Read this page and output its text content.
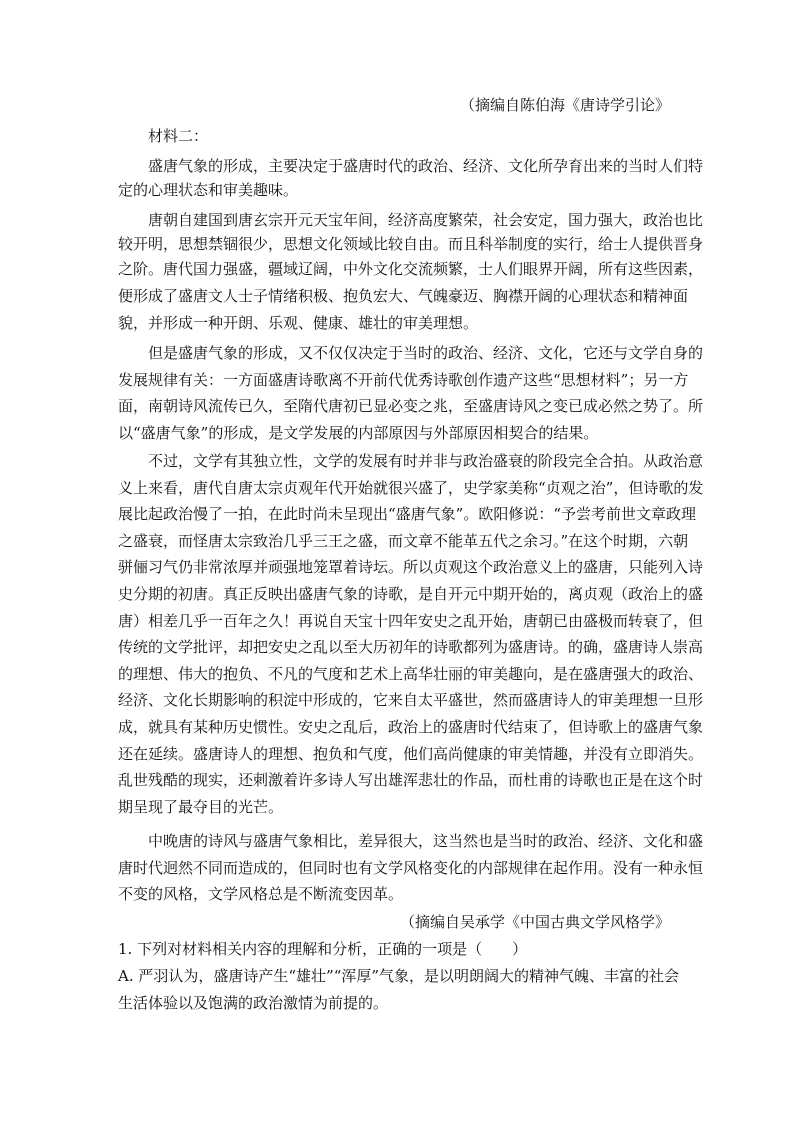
（摘编自陈伯海《唐诗学引论》
材料二：
盛唐气象的形成，主要决定于盛唐时代的政治、经济、文化所孕育出来的当时人们特
定的心理状态和审美趣味。
唐朝自建国到唐玄宗开元天宝年间，经济高度繁荣，社会安定，国力强大，政治也比
较开明，思想禁锢很少，思想文化领域比较自由。而且科举制度的实行，给士人提供晋身
之阶。唐代国力强盛，疆域辽阔，中外文化交流频繁，士人们眼界开阔，所有这些因素，
便形成了盛唐文人士子情绪积极、抱负宏大、气魄豪迈、胸襟开阔的心理状态和精神面
貌，并形成一种开朗、乐观、健康、雄壮的审美理想。
但是盛唐气象的形成，又不仅仅决定于当时的政治、经济、文化，它还与文学自身的
发展规律有关：一方面盛唐诗歌离不开前代优秀诗歌创作遗产这些“思想材料”；另一方
面，南朝诗风流传已久，至隋代唐初已显必变之兆，至盛唐诗风之变已成必然之势了。所
以“盛唐气象”的形成，是文学发展的内部原因与外部原因相契合的结果。
不过，文学有其独立性，文学的发展有时并非与政治盛衰的阶段完全合拍。从政治意
义上来看，唐代自唐太宗贞观年代开始就很兴盛了，史学家美称“贞观之治”，但诗歌的发
展比起政治慢了一拍，在此时尚未呈现出“盛唐气象”。欧阳修说：“予尝考前世文章政理
之盛衰，而怪唐太宗致治几乎三王之盛，而文章不能革五代之余习。”在这个时期，六朝
骈俪习气仍非常浓厚并顽强地笼罩着诗坛。所以贞观这个政治意义上的盛唐，只能列入诗
史分期的初唐。真正反映出盛唐气象的诗歌，是自开元中期开始的，离贞观（政治上的盛
唐）相差几乎一百年之久！再说自天宝十四年安史之乱开始，唐朝已由盛极而转衰了，但
传统的文学批评，却把安史之乱以至大历初年的诗歌都列为盛唐诗。的确，盛唐诗人崇高
的理想、伟大的抱负、不凡的气度和艺术上高华壮丽的审美趣向，是在盛唐强大的政治、
经济、文化长期影响的积淀中形成的，它来自太平盛世，然而盛唐诗人的审美理想一旦形
成，就具有某种历史惯性。安史之乱后，政治上的盛唐时代结束了，但诗歌上的盛唐气象
还在延续。盛唐诗人的理想、抱负和气度，他们高尚健康的审美情趣，并没有立即消失。
乱世残酷的现实，还刺激着许多诗人写出雄浑悲壮的作品，而杜甫的诗歌也正是在这个时
期呈现了最夺目的光芒。
中晚唐的诗风与盛唐气象相比，差异很大，这当然也是当时的政治、经济、文化和盛
唐时代迥然不同而造成的，但同时也有文学风格变化的内部规律在起作用。没有一种永恒
不变的风格，文学风格总是不断流变因革。
（摘编自吴承学《中国古典文学风格学》
1. 下列对材料相关内容的理解和分析，正确的一项是（　　）
A. 严羽认为，盛唐诗产生“雄壮”“浑厚”气象，是以明朗阔大的精神气魄、丰富的社会
生活体验以及饱满的政治激情为前提的。
